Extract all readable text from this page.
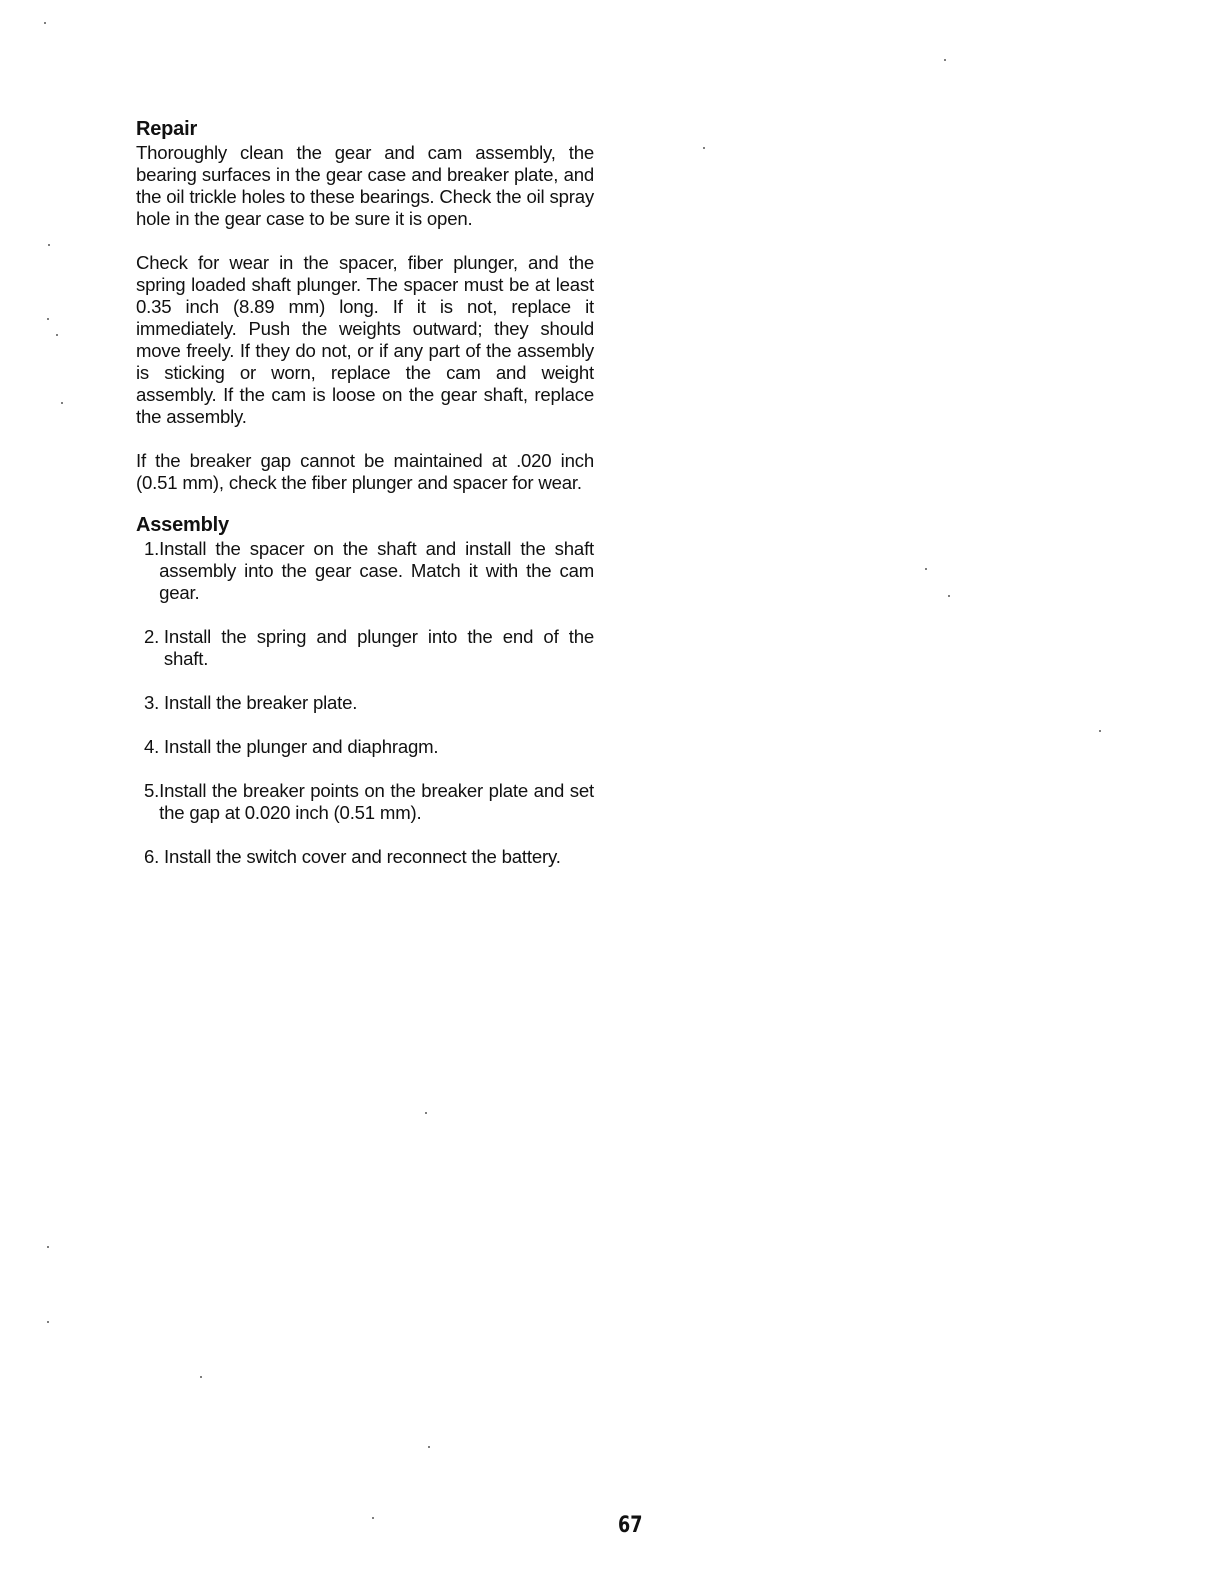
Repair

Thoroughly clean the gear and cam assembly, the bearing surfaces in the gear case and breaker plate, and the oil trickle holes to these bearings. Check the oil spray hole in the gear case to be sure it is open.

Check for wear in the spacer, fiber plunger, and the spring loaded shaft plunger. The spacer must be at least 0.35 inch (8.89 mm) long. If it is not, replace it immediately. Push the weights outward; they should move freely. If they do not, or if any part of the assembly is sticking or worn, replace the cam and weight assembly. If the cam is loose on the gear shaft, replace the assembly.

If the breaker gap cannot be maintained at .020 inch (0.51 mm), check the fiber plunger and spacer for wear.

Assembly
1. Install the spacer on the shaft and install the shaft assembly into the gear case. Match it with the cam gear.
2. Install the spring and plunger into the end of the shaft.
3. Install the breaker plate.
4. Install the plunger and diaphragm.
5. Install the breaker points on the breaker plate and set the gap at 0.020 inch (0.51 mm).
6. Install the switch cover and reconnect the battery.
67
